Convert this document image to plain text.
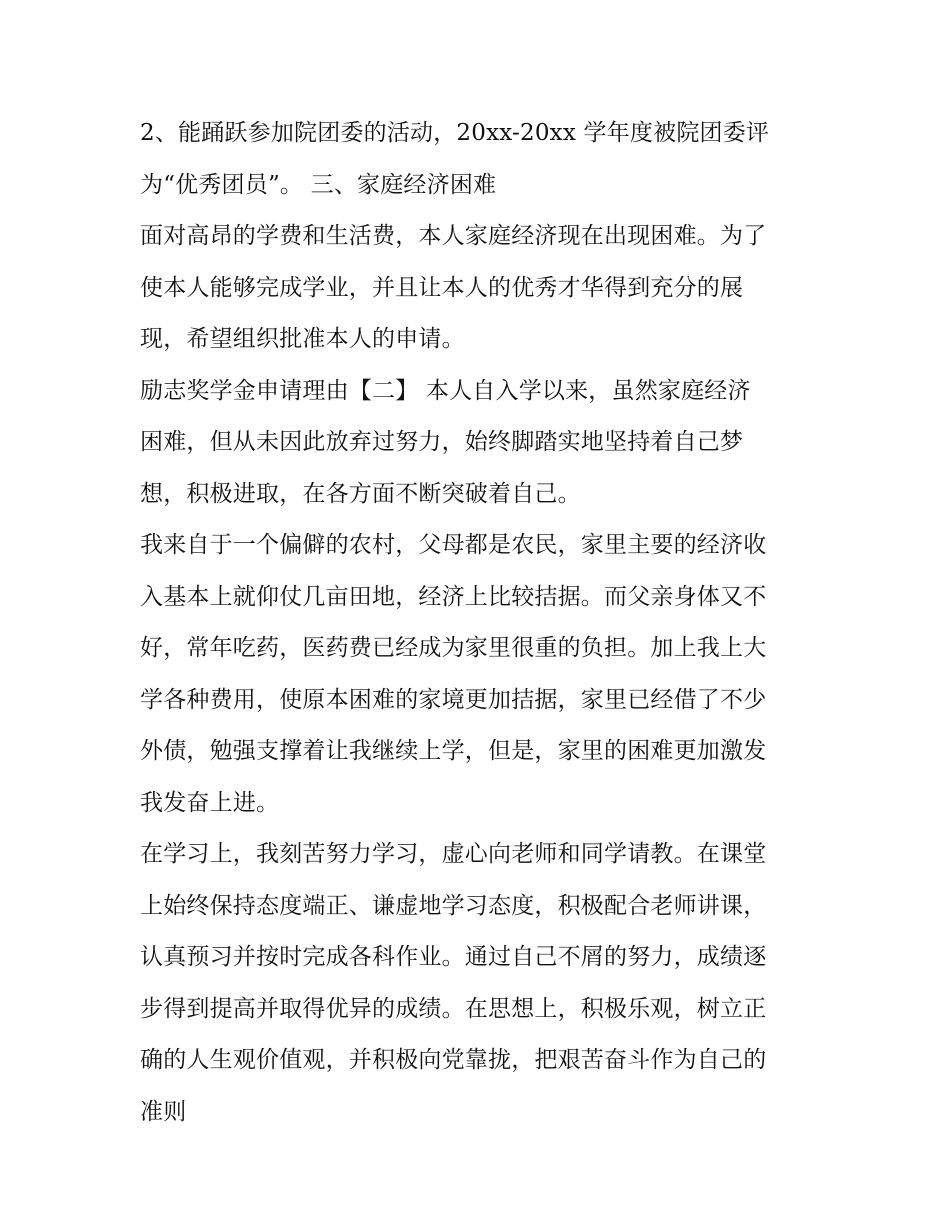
2、能踊跃参加院团委的活动，20xx-20xx 学年度被院团委评
为“优秀团员”。 三、家庭经济困难
面对高昂的学费和生活费，本人家庭经济现在出现困难。为了
使本人能够完成学业，并且让本人的优秀才华得到充分的展
现，希望组织批准本人的申请。
励志奖学金申请理由【二】 本人自入学以来，虽然家庭经济
困难，但从未因此放弃过努力，始终脚踏实地坚持着自己梦
想，积极进取，在各方面不断突破着自己。
我来自于一个偏僻的农村，父母都是农民，家里主要的经济收
入基本上就仰仗几亩田地，经济上比较拮据。而父亲身体又不
好，常年吃药，医药费已经成为家里很重的负担。加上我上大
学各种费用，使原本困难的家境更加拮据，家里已经借了不少
外债，勉强支撑着让我继续上学，但是，家里的困难更加激发
我发奋上进。
在学习上，我刻苦努力学习，虚心向老师和同学请教。在课堂
上始终保持态度端正、谦虚地学习态度，积极配合老师讲课，
认真预习并按时完成各科作业。通过自己不屑的努力，成绩逐
步得到提高并取得优异的成绩。在思想上，积极乐观，树立正
确的人生观价值观，并积极向党靠拢，把艰苦奋斗作为自己的
准则
